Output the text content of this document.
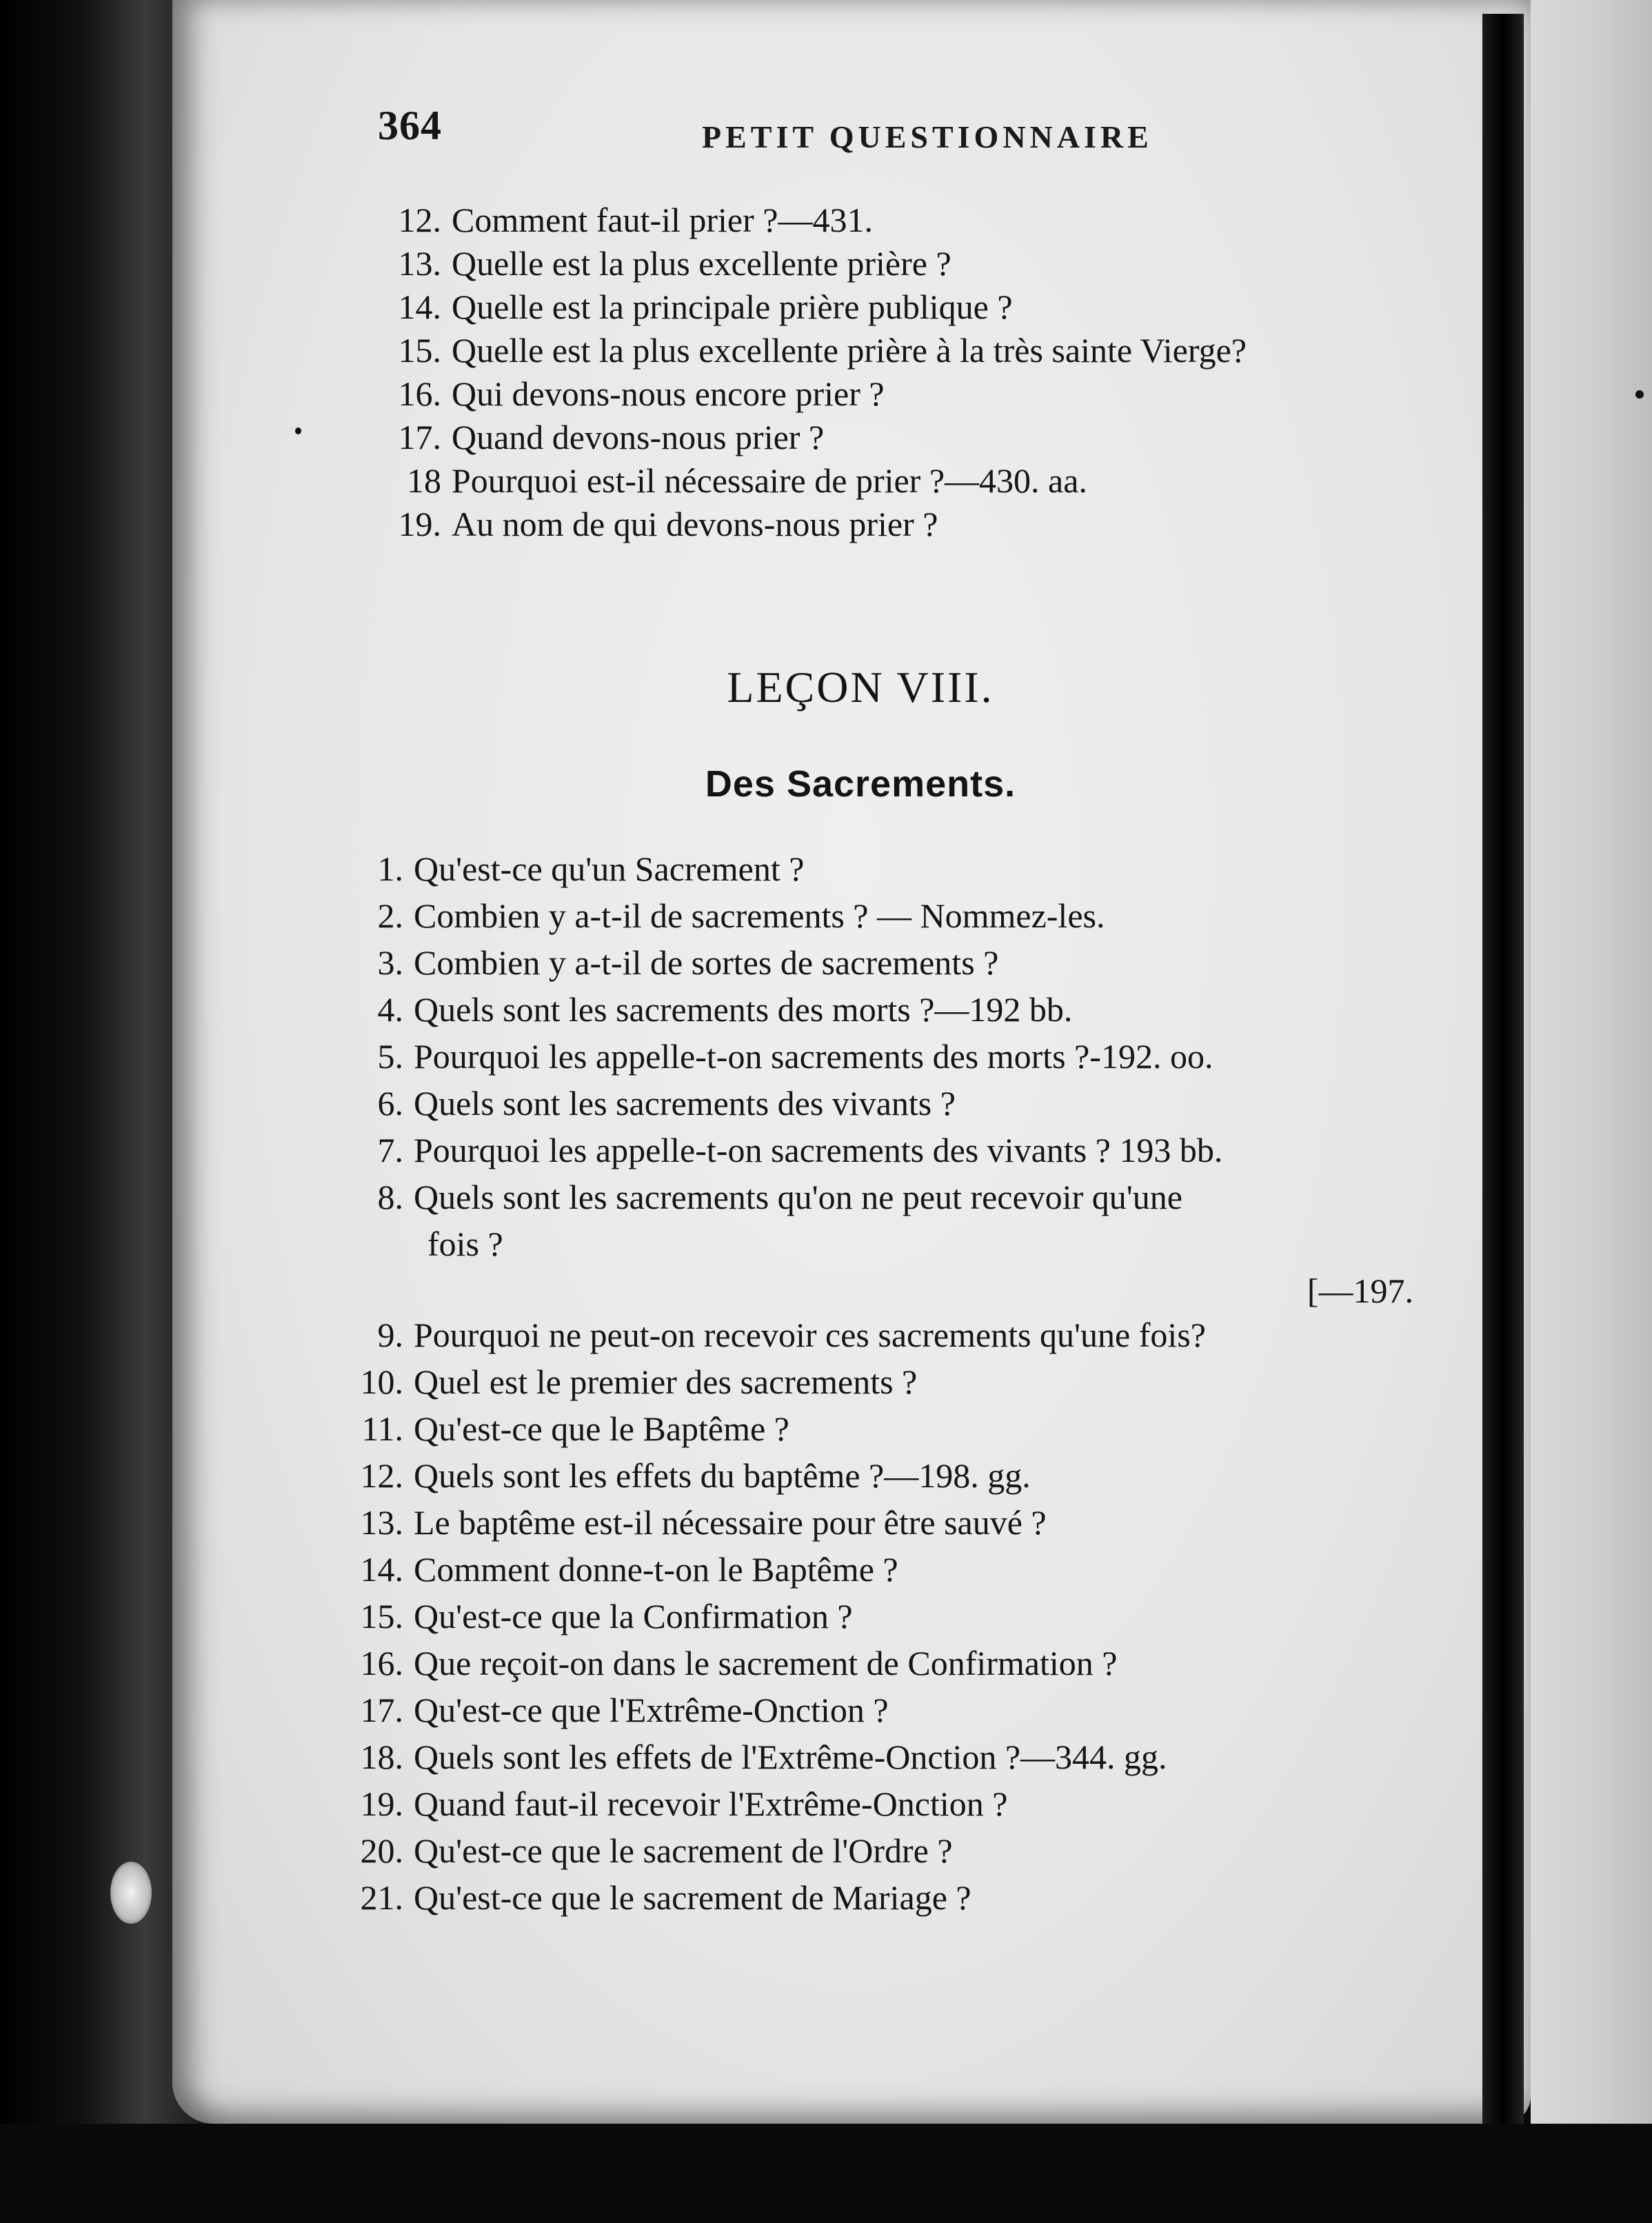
364	PETIT QUESTIONNAIRE
12. Comment faut-il prier ?—431.
13. Quelle est la plus excellente prière ?
14. Quelle est la principale prière publique ?
15. Quelle est la plus excellente prière à la très sainte Vierge?
16. Qui devons-nous encore prier ?
17. Quand devons-nous prier ?
18 Pourquoi est-il nécessaire de prier ?—430. aa.
19. Au nom de qui devons-nous prier ?
LEÇON VIII.
Des Sacrements.
1. Qu'est-ce qu'un Sacrement ?
2. Combien y a-t-il de sacrements ? — Nommez-les.
3. Combien y a-t-il de sortes de sacrements ?
4. Quels sont les sacrements des morts ?—192 bb.
5. Pourquoi les appelle-t-on sacrements des morts ?-192. oo.
6. Quels sont les sacrements des vivants ?
7. Pourquoi les appelle-t-on sacrements des vivants ? 193 bb.
8. Quels sont les sacrements qu'on ne peut recevoir qu'une
fois ?
[—197.
9. Pourquoi ne peut-on recevoir ces sacrements qu'une fois?
10. Quel est le premier des sacrements ?
11. Qu'est-ce que le Baptême ?
12. Quels sont les effets du baptême ?—198. gg.
13. Le baptême est-il nécessaire pour être sauvé ?
14. Comment donne-t-on le Baptême ?
15. Qu'est-ce que la Confirmation ?
16. Que reçoit-on dans le sacrement de Confirmation ?
17. Qu'est-ce que l'Extrême-Onction ?
18. Quels sont les effets de l'Extrême-Onction ?—344. gg.
19. Quand faut-il recevoir l'Extrême-Onction ?
20. Qu'est-ce que le sacrement de l'Ordre ?
21. Qu'est-ce que le sacrement de Mariage ?
